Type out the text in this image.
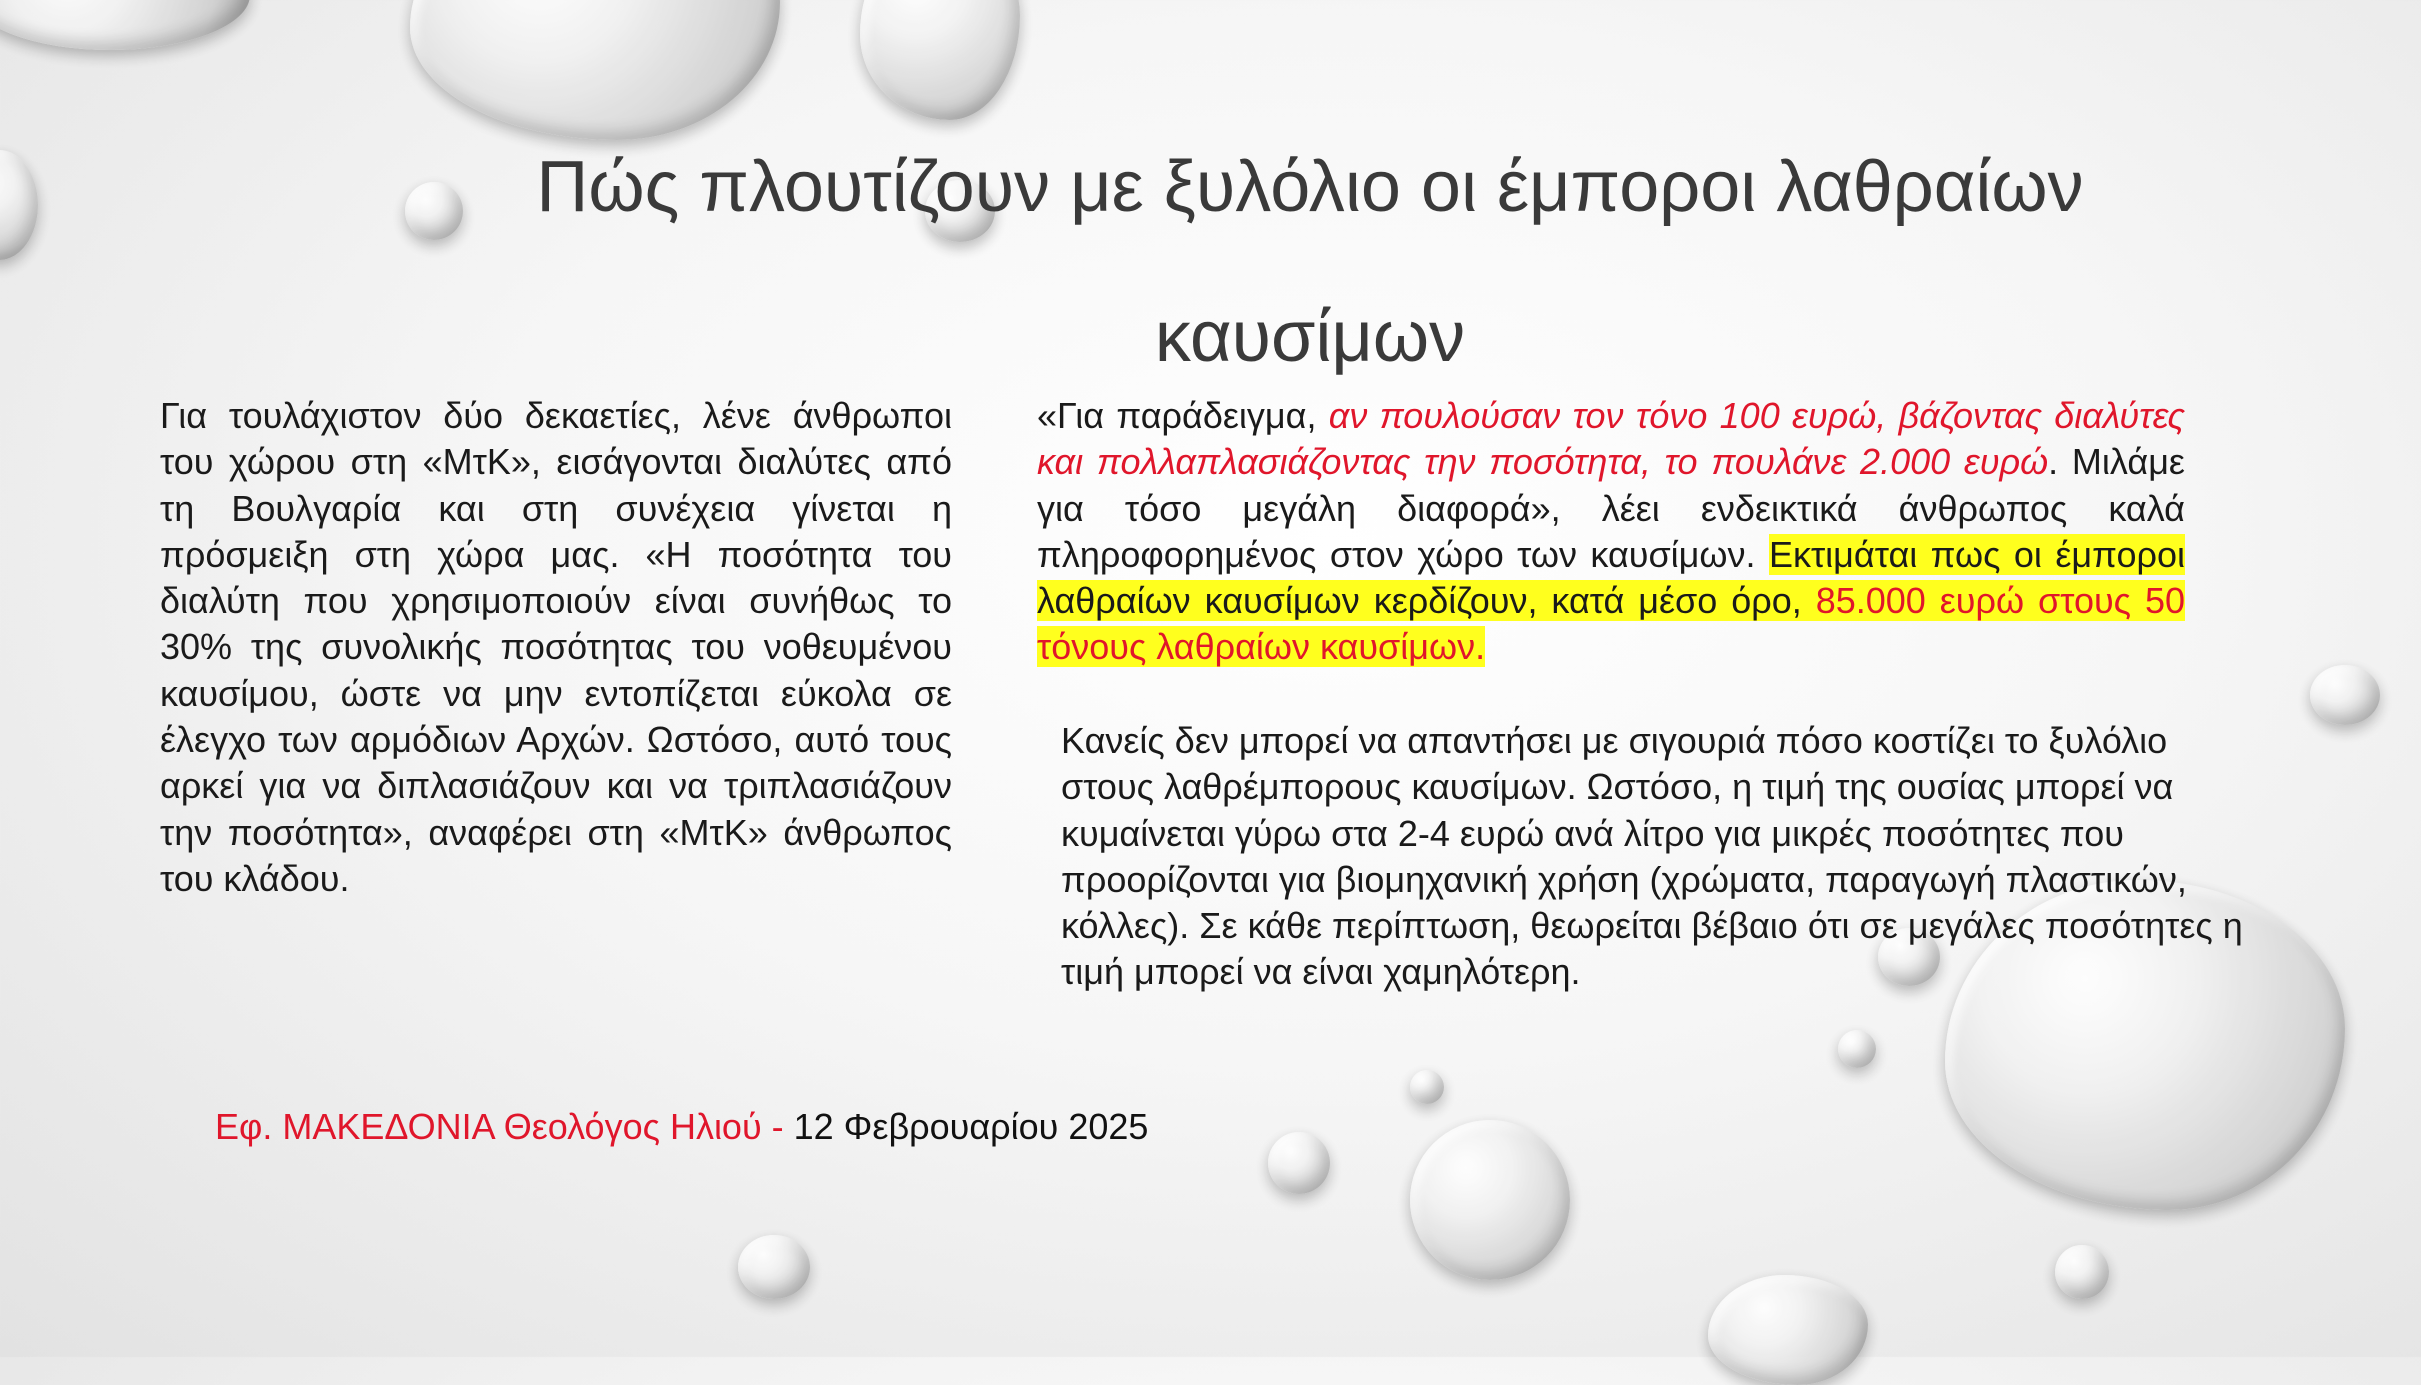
Πώς πλουτίζουν με ξυλόλιο οι έμποροι λαθραίων καυσίμων
Για τουλάχιστον δύο δεκαετίες, λένε άνθρωποι του χώρου στη «ΜτΚ», εισάγονται διαλύτες από τη Βουλγαρία και στη συνέχεια γίνεται η πρόσμειξη στη χώρα μας. «Η ποσότητα του διαλύτη που χρησιμοποιούν είναι συνήθως το 30% της συνολικής ποσότητας του νοθευμένου καυσίμου, ώστε να μην εντοπίζεται εύκολα σε έλεγχο των αρμόδιων Αρχών. Ωστόσο, αυτό τους αρκεί για να διπλασιάζουν και να τριπλασιάζουν την ποσότητα», αναφέρει στη «ΜτΚ» άνθρωπος του κλάδου.
«Για παράδειγμα, αν πουλούσαν τον τόνο 100 ευρώ, βάζοντας διαλύτες και πολλαπλασιάζοντας την ποσότητα, το πουλάνε 2.000 ευρώ. Μιλάμε για τόσο μεγάλη διαφορά», λέει ενδεικτικά άνθρωπος καλά πληροφορημένος στον χώρο των καυσίμων. Εκτιμάται πως οι έμποροι λαθραίων καυσίμων κερδίζουν, κατά μέσο όρο, 85.000 ευρώ στους 50 τόνους λαθραίων καυσίμων.
Κανείς δεν μπορεί να απαντήσει με σιγουριά πόσο κοστίζει το ξυλόλιο στους λαθρέμπορους καυσίμων. Ωστόσο, η τιμή της ουσίας μπορεί να κυμαίνεται γύρω στα 2-4 ευρώ ανά λίτρο για μικρές ποσότητες που προορίζονται για βιομηχανική χρήση (χρώματα, παραγωγή πλαστικών, κόλλες). Σε κάθε περίπτωση, θεωρείται βέβαιο ότι σε μεγάλες ποσότητες η τιμή μπορεί να είναι χαμηλότερη.
Εφ. ΜΑΚΕΔΟΝΙΑ Θεολόγος Ηλιού - 12 Φεβρουαρίου 2025
